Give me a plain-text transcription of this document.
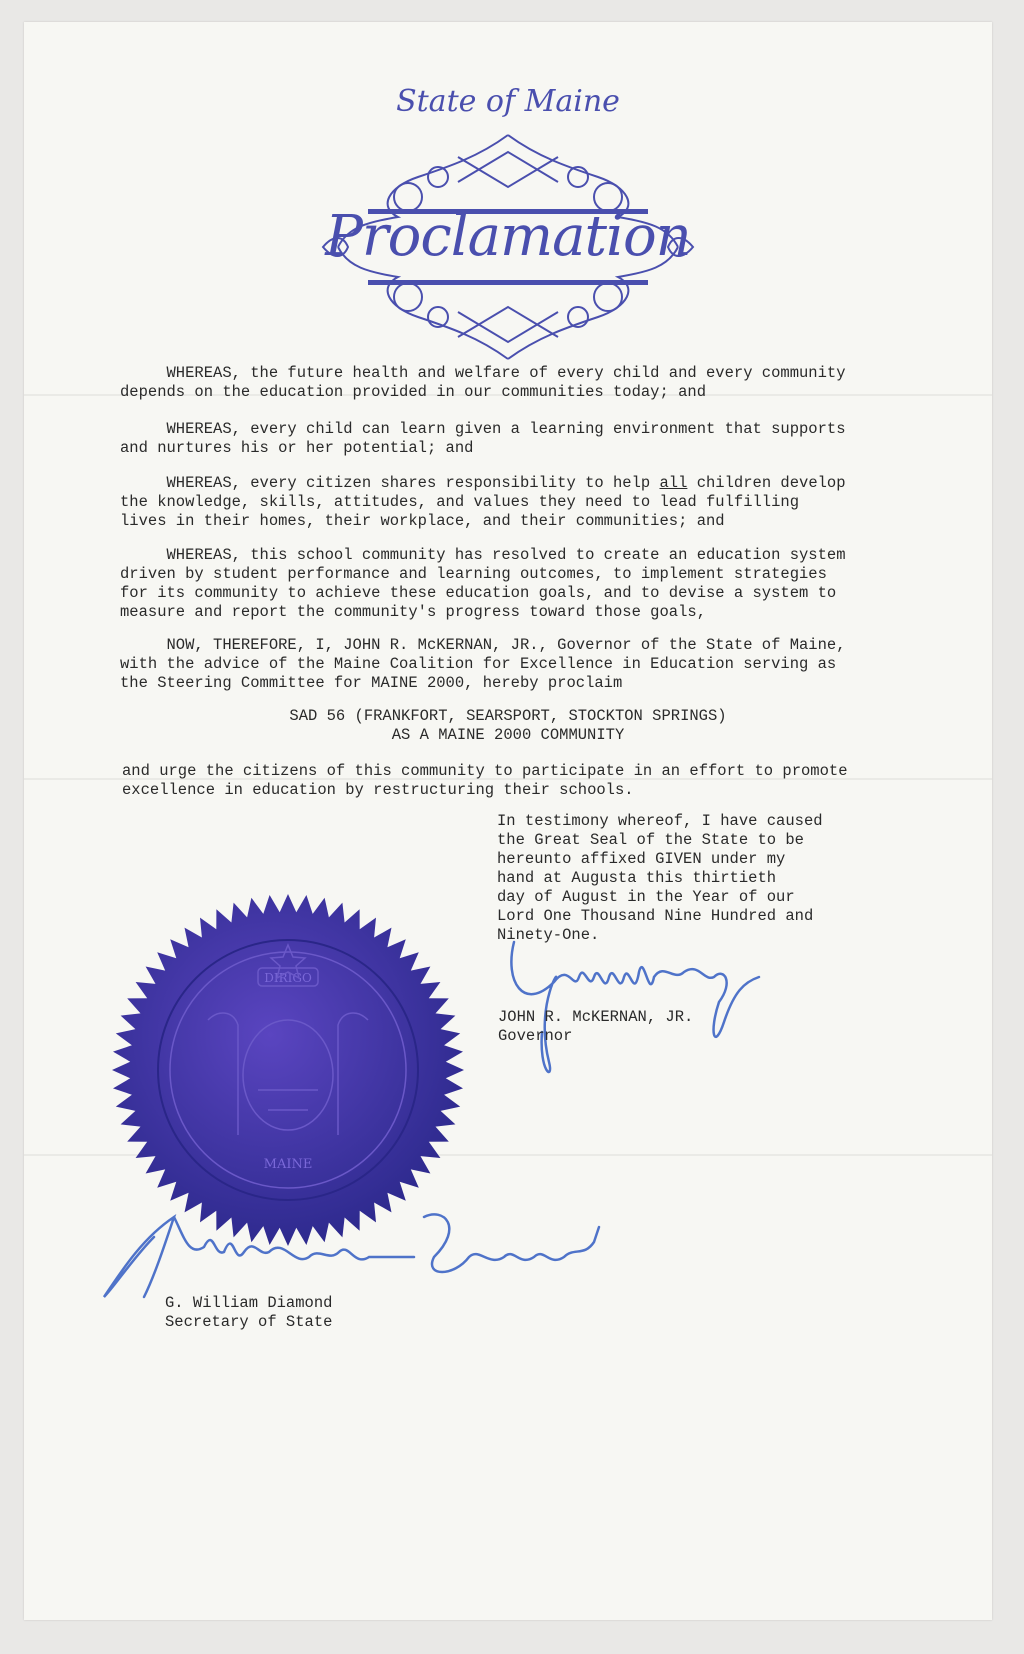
State of Maine
Proclamation

WHEREAS, the future health and welfare of every child and every community
depends on the education provided in our communities today; and

WHEREAS, every child can learn given a learning environment that supports
and nurtures his or her potential; and

WHEREAS, every citizen shares responsibility to help all children develop
the knowledge, skills, attitudes, and values they need to lead fulfilling
lives in their homes, their workplace, and their communities; and

WHEREAS, this school community has resolved to create an education system
driven by student performance and learning outcomes, to implement strategies
for its community to achieve these education goals, and to devise a system to
measure and report the community's progress toward those goals,

NOW, THEREFORE, I, JOHN R. McKERNAN, JR., Governor of the State of Maine,
with the advice of the Maine Coalition for Excellence in Education serving as
the Steering Committee for MAINE 2000, hereby proclaim

SAD 56 (FRANKFORT, SEARSPORT, STOCKTON SPRINGS)

AS A MAINE 2000 COMMUNITY

and urge the citizens of this community to participate in an effort to promote
excellence in education by restructuring their schools.

In testimony whereof, I have caused
the Great Seal of the State to be
hereunto affixed GIVEN under my
hand at Augusta this thirtieth
day of August in the Year of our
Lord One Thousand Nine Hundred and
Ninety-One.

JOHN R. McKERNAN, JR.

Governor

DIRIGO
MAINE

G. William Diamond

Secretary of State
